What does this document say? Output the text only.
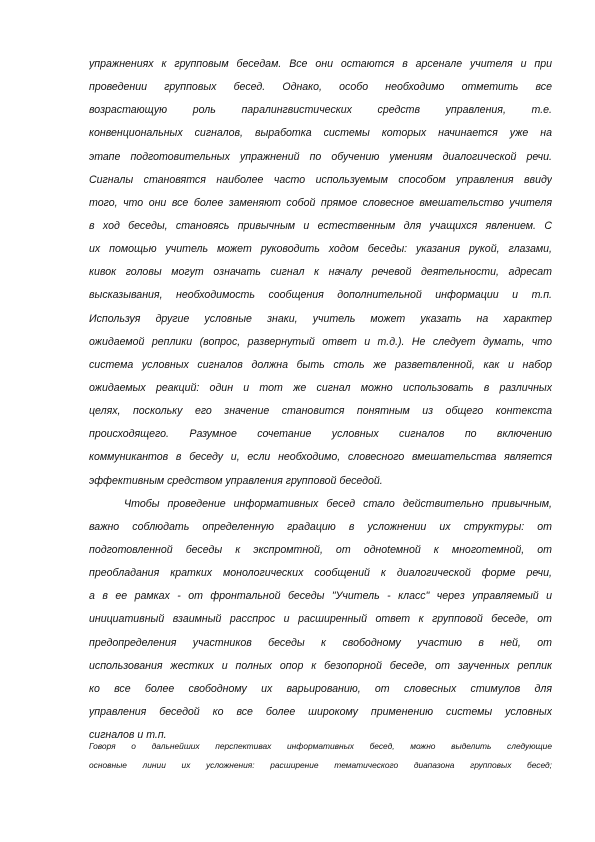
упражнениях к групповым беседам. Все они остаются в арсенале учителя и при
проведении групповых бесед. Однако, особо необходимо отметить все
возрастающую роль паралингвистических средств управления, т.е.
конвенциональных сигналов, выработка системы которых начинается уже на
этапе подготовительных упражнений по обучению умениям диалогической речи.
Сигналы становятся наиболее часто используемым способом управления ввиду
того, что они все более заменяют собой прямое словесное вмешательство учителя
в ход беседы, становясь привычным и естественным для учащихся явлением. С
их помощью учитель может руководить ходом беседы: указания рукой, глазами,
кивок головы могут означать сигнал к началу речевой деятельности, адресат
высказывания, необходимость сообщения дополнительной информации и т.п.
Используя другие условные знаки, учитель может указать на характер
ожидаемой реплики (вопрос, развернутый ответ и т.д.). Не следует думать, что
система условных сигналов должна быть столь же разветвленной, как и набор
ожидаемых реакций: один и тот же сигнал можно использовать в различных
целях, поскольку его значение становится понятным из общего контекста
происходящего. Разумное сочетание условных сигналов по включению
коммуникантов в беседу и, если необходимо, словесного вмешательства является
эффективным средством управления групповой беседой.
Чтобы проведение информативных бесед стало действительно привычным,
важно соблюдать определенную градацию в усложнении их структуры: от
подготовленной беседы к экспромтной, от одноtемной к многотемной, от
преобладания кратких монологических сообщений к диалогической форме речи,
а в ее рамках - от фронтальной беседы "Учитель - класс" через управляемый и
инициативный взаимный расспрос и расширенный ответ к групповой беседе, от
предопределения участников беседы к свободному участию в ней, от
использования жестких и полных опор к безопорной беседе, от заученных реплик
ко все более свободному их варьированию, от словесных стимулов для
управления беседой ко все более широкому применению системы условных
сигналов и т.п.
Говоря о дальнейших перспективах информативных бесед, можно выделить следующие
основные линии их усложнения: расширение тематического диапазона групповых бесед;
